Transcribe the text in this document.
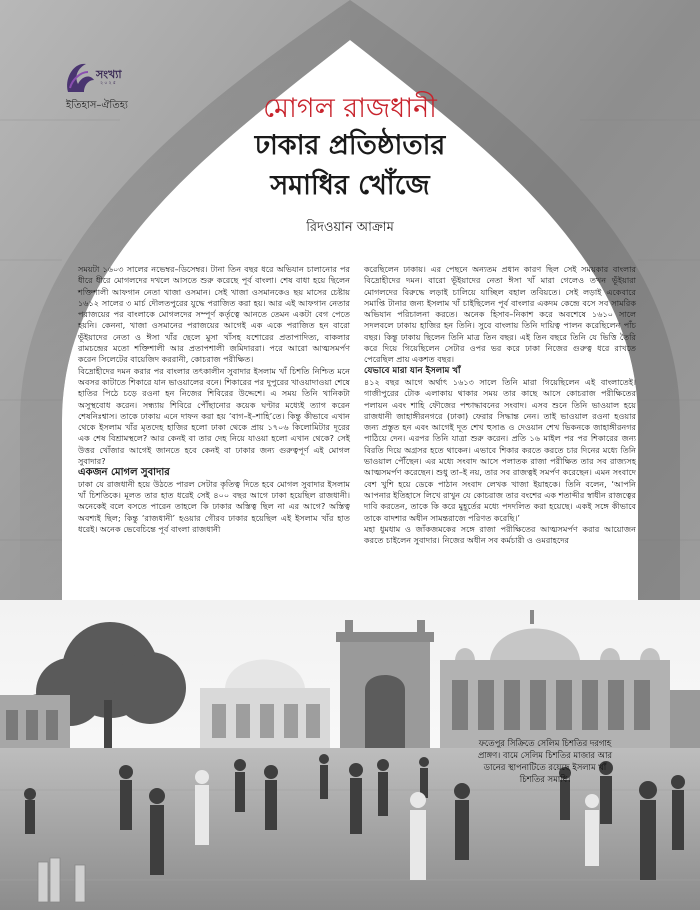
সংখ্যা
২০২৫
ইতিহাস–ঐতিহ্য	মোগল রাজধানী

ঢাকার প্রতিষ্ঠাতার

সমাধির খোঁজে

রিদওয়ান আক্রাম

সময়টা ১৬০৩ সালের নভেম্বর–ডিসেম্বর। টানা তিন বছর ধরে অভিযান চালানোর পর ধীরে ধীরে মোগলদের দখলে আসতে শুরু করেছে পূর্ব বাংলা। শেষ বাধা হয়ে ছিলেন শক্তিশালী আফগান নেতা খাজা ওসমান। সেই খাজা ওসমানকেও ছয় মাসের চেষ্টায় ১৬১২ সালের ৩ মার্চ দৌলতপুরের যুদ্ধে পরাজিত করা হয়। আর এই আফগান নেতার পরাজয়ের পর বাংলাকে মোগলদের সম্পূর্ণ কর্তৃত্বে আনতে তেমন একটা বেগ পেতে হয়নি। কেননা, খাজা ওসমানের পরাজয়ের আগেই এক একে পরাজিত হন বারো ভূঁইয়াদের নেতা ও ঈসা খাঁর ছেলে মুসা খাঁসহ যশোরের প্রতাপাদিত্য, বাকলার রামচন্দ্রের মতো শক্তিশালী আর প্রতাপশালী জমিদাররা। পরে আরো আত্মসমর্পণ করেন সিলেটের বায়েজিদ কররানী, কোচরাজ পরীক্ষিত।

বিদ্রোহীদের দমন করার পর বাংলার তৎকালীন সুবাদার ইসলাম খাঁ চিশতি নিশ্চিত মনে অবসর কাটাতে শিকারে যান ভাওয়ালের বনে। শিকারের পর দুপুরের খাওয়াদাওয়া শেষে হাতির পিঠে চড়ে রওনা হন নিজের শিবিরের উদ্দেশে। এ সময় তিনি খানিকটা অসুস্থবোধ করেন। সন্ধ্যায় শিবিরে পৌঁছানোর কয়েক ঘণ্টার মধ্যেই ত্যাগ করেন শেষনিঃশ্বাস। তাকে ঢাকায় এনে দাফন করা হয় ‘বাগ–ই–শাহি’তে। কিন্তু কীভাবে এখান থেকে ইসলাম খাঁর মৃতদেহ হাজির হলো ঢাকা থেকে প্রায় ১৭০৬ কিলোমিটার দূরের এক শেষ বিশ্রামস্থলে? আর কেনই বা তার দেহ নিয়ে যাওয়া হলো এখান থেকে? সেই উত্তর খোঁজার আগেই জানতে হবে কেনই বা ঢাকার জন্য গুরুত্বপূর্ণ এই মোগল সুবাদার?

একজন মোগল সুবাদার

ঢাকা যে রাজধানী হয়ে উঠতে পারল সেটার কৃতিত্ব দিতে হবে মোগল সুবাদার ইসলাম খাঁ চিশতিকে। মূলত তার হাত ধরেই সেই ৪০০ বছর আগে ঢাকা হয়েছিল রাজধানী। অনেকেই বলে বসতে পারেন তাহলে কি ঢাকার অস্তিত্ব ছিল না এর আগে? অস্তিত্ব অবশ্যই ছিল; কিন্তু ‘রাজধানী’ হওয়ার গৌরব ঢাকার হয়েছিল এই ইসলাম খাঁর হাত ধরেই। অনেক ভেবেচিন্তে পূর্ব বাংলা রাজধানী

করেছিলেন ঢাকায়। এর পেছনে অন্যতম প্রধান কারণ ছিল সেই সময়কার বাংলার বিদ্রোহীদের দমন। বারো ভূঁইয়াদের নেতা ঈসা খাঁ মারা গেলেও তখন ভূঁইয়ারা মোগলদের বিরুদ্ধে লড়াই চালিয়ে যাচ্ছিল বহাল তবিয়তে। সেই লড়াই একেবারে সমাপ্তি টানার জন্য ইসলাম খাঁ চাইছিলেন পূর্ব বাংলার একদম কেন্দ্রে বসে সব সামরিক অভিযান পরিচালনা করতে। অনেক হিসাব–নিকাশ করে অবশেষে ১৬১০ সালে সদলবলে ঢাকায় হাজির হন তিনি। সুবে বাংলায় তিনি দায়িত্ব পালন করেছিলেন পাঁচ বছর। কিন্তু ঢাকায় ছিলেন তিনি মাত্র তিন বছর। এই তিন বছরে তিনি যে ভিত্তি তৈরি করে দিয়ে গিয়েছিলেন সেটার ওপর ভর করে ঢাকা নিজের গুরুত্ব ধরে রাখতে পেরেছিল প্রায় একশত বছর।

যেভাবে মারা যান ইসলাম খাঁ

৪১২ বছর আগে অর্থাৎ ১৬১৩ সালে তিনি মারা গিয়েছিলেন এই বাংলাতেই। গাজীপুরের টোক এলাকায় থাকার সময় তার কাছে আসে কোচরাজ পরীক্ষিতের পলায়ন এবং শাহি ফৌজের পশ্চাদ্ধাবনের সংবাদ। এসব শুনে তিনি ভাওয়াল হয়ে রাজধানী জাহাঙ্গীরনগরে (ঢাকা) ফেরার সিদ্ধান্ত নেন। তাই ভাওয়াল রওনা হওয়ার জন্য প্রস্তুত হন এবং আগেই দূত শেখ হুসাঙ ও দেওয়ান শেখ ভিকনকে জাহাঙ্গীরনগর পাঠিয়ে দেন। এরপর তিনি যাত্রা শুরু করেন। প্রতি ১৬ মাইল পর পর শিকারের জন্য বিরতি দিয়ে অগ্রসর হতে থাকেন। এভাবে শিকার করতে করতে চার দিনের মধ্যে তিনি ভাওয়াল পৌঁছেন। এর মধ্যে সংবাদ আসে পলাতক রাজা পরীক্ষিত তার সব রাজ্যসহ আত্মসমর্পণ করেছেন। শুধু তা–ই নয়, তার সব রাজত্বই সমর্পণ করেছেন। এমন সংবাদে বেশ খুশি হয়ে ডেকে পাঠান সংবাদ লেখক খাজা ইয়াহকে। তিনি বলেন, ‘আপনি আপনার ইতিহাসে লিখে রাখুন যে কোচরাজ তার বংশের এক শতাব্দীর স্বাধীন রাজত্বের দাবি করতেন, তাকে কি করে মুহূর্তের মধ্যে পদদলিত করা হয়েছে। একই সঙ্গে কীভাবে তাকে বাদশার অধীন সামন্তরাজে পরিণত করেছি।’

মহা ধুমধাম ও জাঁকজমকের সঙ্গে রাজা পরীক্ষিতের আত্মসমর্পণ করার আয়োজন করতে চাইলেন সুবাদার। নিজের অধীন সব কর্মচারী ও ওমরাহদের

ফতেপুর সিক্রিতে সেলিম চিশতির দরগাহ প্রাঙ্গণ। বামে সেলিম চিশতির মাজার আর ডানের স্থাপনাটিতে রয়েছে ইসলাম খাঁ চিশতির সমাধি।
